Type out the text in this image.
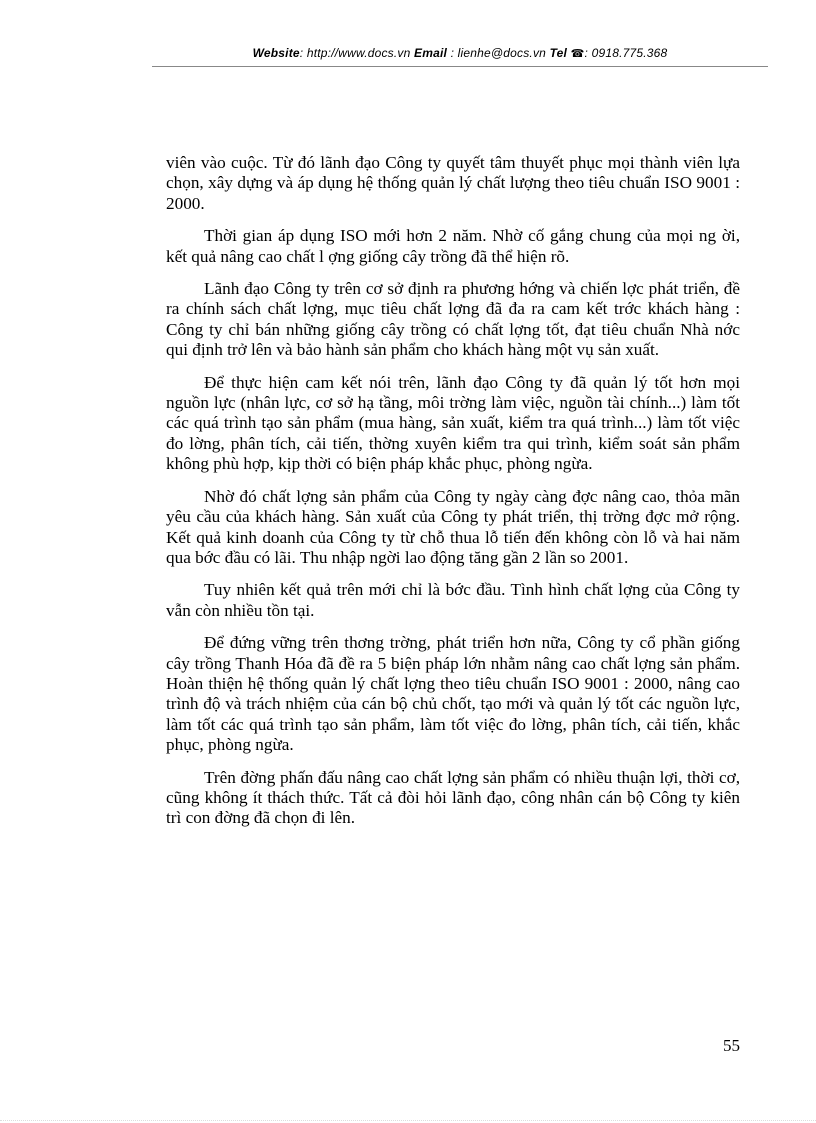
Website: http://www.docs.vn Email : lienhe@docs.vn Tel ☎: 0918.775.368

viên vào cuộc. Từ đó lãnh đạo Công ty quyết tâm thuyết phục mọi thành viên lựa chọn, xây dựng và áp dụng hệ thống quản lý chất lượng theo tiêu chuẩn ISO 9001 : 2000.

Thời gian áp dụng ISO mới hơn 2 năm. Nhờ cố gắng chung của mọi ng ời, kết quả nâng cao chất l ợng giống cây trồng đã thể hiện rõ.

Lãnh đạo Công ty trên cơ sở định ra phương hớng và chiến lợc phát triển, đề ra chính sách chất lợng, mục tiêu chất lợng đã đa ra cam kết trớc khách hàng : Công ty chỉ bán những giống cây trồng có chất lợng tốt, đạt tiêu chuẩn Nhà nớc qui định trở lên và bảo hành sản phẩm cho khách hàng một vụ sản xuất.

Để thực hiện cam kết nói trên, lãnh đạo Công ty đã quản lý tốt hơn mọi nguồn lực (nhân lực, cơ sở hạ tầng, môi trờng làm việc, nguồn tài chính...) làm tốt các quá trình tạo sản phẩm (mua hàng, sản xuất, kiểm tra quá trình...) làm tốt việc đo lờng, phân tích, cải tiến, thờng xuyên kiểm tra qui trình, kiểm soát sản phẩm không phù hợp, kịp thời có biện pháp khắc phục, phòng ngừa.

Nhờ đó chất lợng sản phẩm của Công ty ngày càng đợc nâng cao, thỏa mãn yêu cầu của khách hàng. Sản xuất của Công ty phát triển, thị trờng đợc mở rộng. Kết quả kinh doanh của Công ty từ chỗ thua lỗ tiến đến không còn lỗ và hai năm qua bớc đầu có lãi. Thu nhập ngời lao động tăng gần 2 lần so 2001.

Tuy nhiên kết quả trên mới chỉ là bớc đầu. Tình hình chất lợng của Công ty vẫn còn nhiều tồn tại.

Để đứng vững trên thơng trờng, phát triển hơn nữa, Công ty cổ phần giống cây trồng Thanh Hóa đã đề ra 5 biện pháp lớn nhằm nâng cao chất lợng sản phẩm. Hoàn thiện hệ thống quản lý chất lợng theo tiêu chuẩn ISO 9001 : 2000, nâng cao trình độ và trách nhiệm của cán bộ chủ chốt, tạo mới và quản lý tốt các nguồn lực, làm tốt các quá trình tạo sản phẩm, làm tốt việc đo lờng, phân tích, cải tiến, khắc phục, phòng ngừa.

Trên đờng phấn đấu nâng cao chất lợng sản phẩm có nhiều thuận lợi, thời cơ, cũng không ít thách thức. Tất cả đòi hỏi lãnh đạo, công nhân cán bộ Công ty kiên trì con đờng đã chọn đi lên.

55
